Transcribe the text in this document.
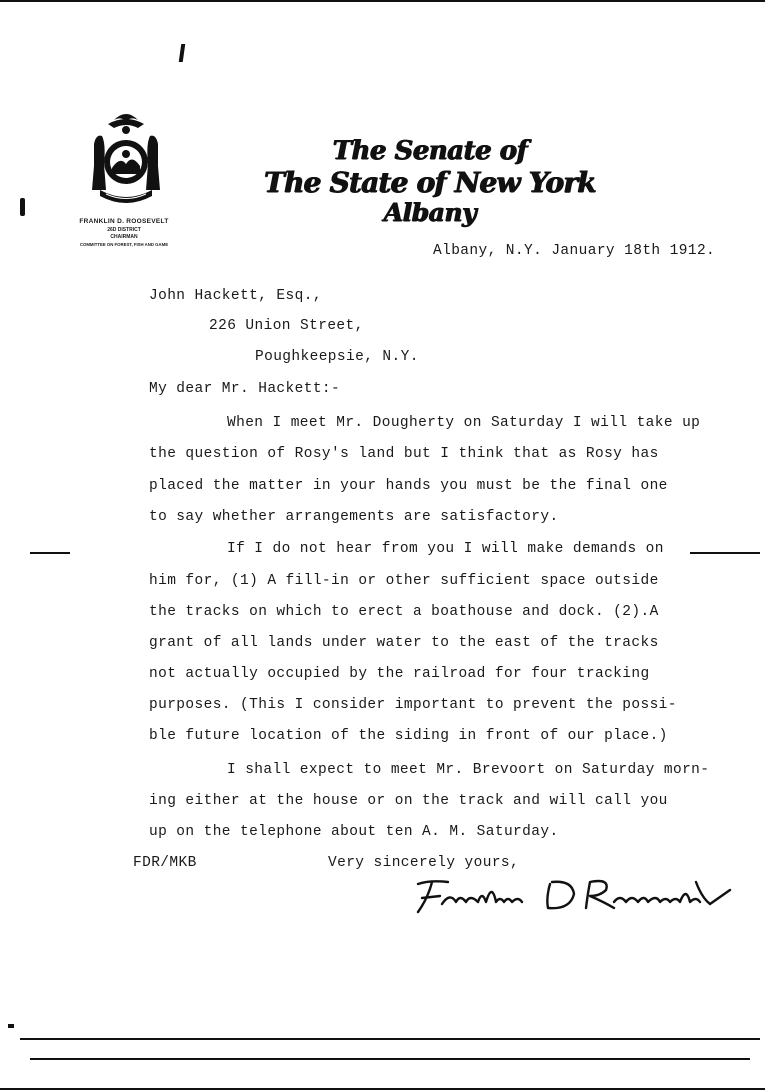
FRANKLIN D. ROOSEVELT
26D DISTRICT
CHAIRMAN
COMMITTEE ON FOREST, FISH AND GAME
The Senate of
The State of New York
Albany
Albany, N.Y. January 18th 1912.
John Hackett, Esq.,
226 Union Street,
Poughkeepsie, N.Y.
My dear Mr. Hackett:-
When I meet Mr. Dougherty on Saturday I will take up
the question of Rosy's land but I think that as Rosy has
placed the matter in your hands you must be the final one
to say whether arrangements are satisfactory.
If I do not hear from you I will make demands on
him for, (1) A fill-in or other sufficient space outside
the tracks on which to erect a boathouse and dock. (2).A
grant of all lands under water to the east of the tracks
not actually occupied by the railroad for four tracking
purposes. (This I consider important to prevent the possi-
ble future location of the siding in front of our place.)
I shall expect to meet Mr. Brevoort on Saturday morn-
ing either at the house or on the track and will call you
up on the telephone about ten A. M. Saturday.
FDR/MKB	Very sincerely yours,
